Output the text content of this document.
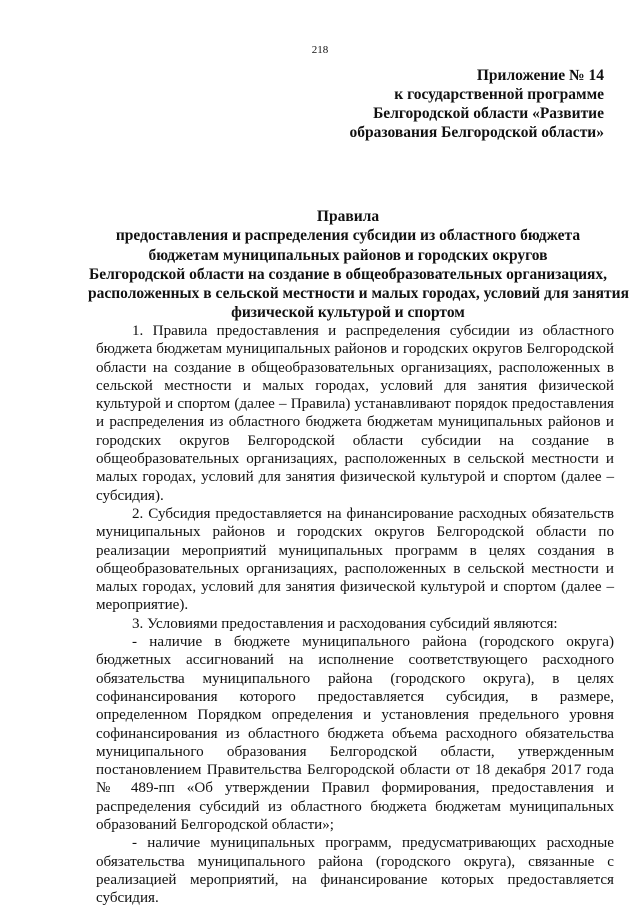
218
Приложение № 14
к государственной программе
Белгородской области «Развитие
образования Белгородской области»
Правила
предоставления и распределения субсидии из областного бюджета
бюджетам муниципальных районов и городских округов
Белгородской области на создание в общеобразовательных организациях,
расположенных в сельской местности и малых городах, условий для занятия
физической культурой и спортом

1. Правила предоставления и распределения субсидии из областного бюджета бюджетам муниципальных районов и городских округов Белгородской области на создание в общеобразовательных организациях, расположенных в сельской местности и малых городах, условий для занятия физической культурой и спортом (далее – Правила) устанавливают порядок предоставления и распределения из областного бюджета бюджетам муниципальных районов и городских округов Белгородской области субсидии на создание в общеобразовательных организациях, расположенных в сельской местности и малых городах, условий для занятия физической культурой и спортом (далее – субсидия).

2. Субсидия предоставляется на финансирование расходных обязательств муниципальных районов и городских округов Белгородской области по реализации мероприятий муниципальных программ в целях создания в общеобразовательных организациях, расположенных в сельской местности и малых городах, условий для занятия физической культурой и спортом (далее – мероприятие).

3. Условиями предоставления и расходования субсидий являются:

- наличие в бюджете муниципального района (городского округа) бюджетных ассигнований на исполнение соответствующего расходного обязательства муниципального района (городского округа), в целях софинансирования которого предоставляется субсидия, в размере, определенном Порядком определения и установления предельного уровня софинансирования из областного бюджета объема расходного обязательства муниципального образования Белгородской области, утвержденным постановлением Правительства Белгородской области от 18 декабря 2017 года № 489-пп «Об утверждении Правил формирования, предоставления и распределения субсидий из областного бюджета бюджетам муниципальных образований Белгородской области»;

- наличие муниципальных программ, предусматривающих расходные обязательства муниципального района (городского округа), связанные с реализацией мероприятий, на финансирование которых предоставляется субсидия.
